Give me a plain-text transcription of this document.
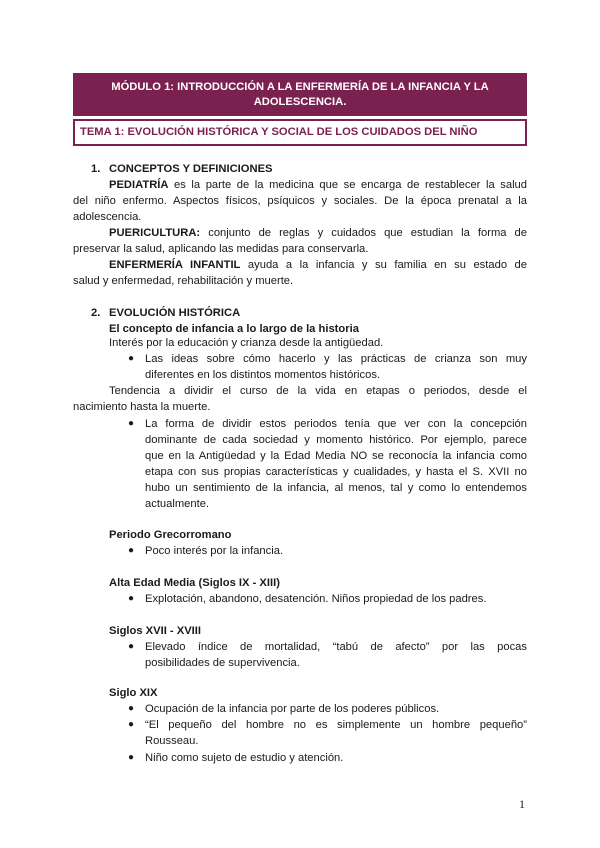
MÓDULO 1: INTRODUCCIÓN A LA ENFERMERÍA DE LA INFANCIA Y LA ADOLESCENCIA.
TEMA 1: EVOLUCIÓN HISTÓRICA Y SOCIAL DE LOS CUIDADOS DEL NIÑO
1. CONCEPTOS Y DEFINICIONES
PEDIATRÍA es la parte de la medicina que se encarga de restablecer la salud
del niño enfermo. Aspectos físicos, psíquicos y sociales. De la época prenatal a la
adolescencia.
PUERICULTURA: conjunto de reglas y cuidados que estudian la forma de
preservar la salud, aplicando las medidas para conservarla.
ENFERMERÍA INFANTIL ayuda a la infancia y su familia en su estado de
salud y enfermedad, rehabilitación y muerte.
2. EVOLUCIÓN HISTÓRICA
El concepto de infancia a lo largo de la historia
Interés por la educación y crianza desde la antigüedad.
● Las ideas sobre cómo hacerlo y las prácticas de crianza son muy
diferentes en los distintos momentos históricos.
Tendencia a dividir el curso de la vida en etapas o periodos, desde el
nacimiento hasta la muerte.
● La forma de dividir estos periodos tenía que ver con la concepción
dominante de cada sociedad y momento histórico. Por ejemplo, parece
que en la Antigüedad y la Edad Media NO se reconocía la infancia como
etapa con sus propias características y cualidades, y hasta el S. XVII no
hubo un sentimiento de la infancia, al menos, tal y como lo entendemos
actualmente.
Periodo Grecorromano
● Poco interés por la infancia.
Alta Edad Media (Siglos IX - XIII)
● Explotación, abandono, desatención. Niños propiedad de los padres.
Siglos XVII - XVIII
● Elevado índice de mortalidad, “tabú de afecto” por las pocas
posibilidades de supervivencia.
Siglo XIX
● Ocupación de la infancia por parte de los poderes públicos.
● “El pequeño del hombre no es simplemente un hombre pequeño”
Rousseau.
● Niño como sujeto de estudio y atención.
1
